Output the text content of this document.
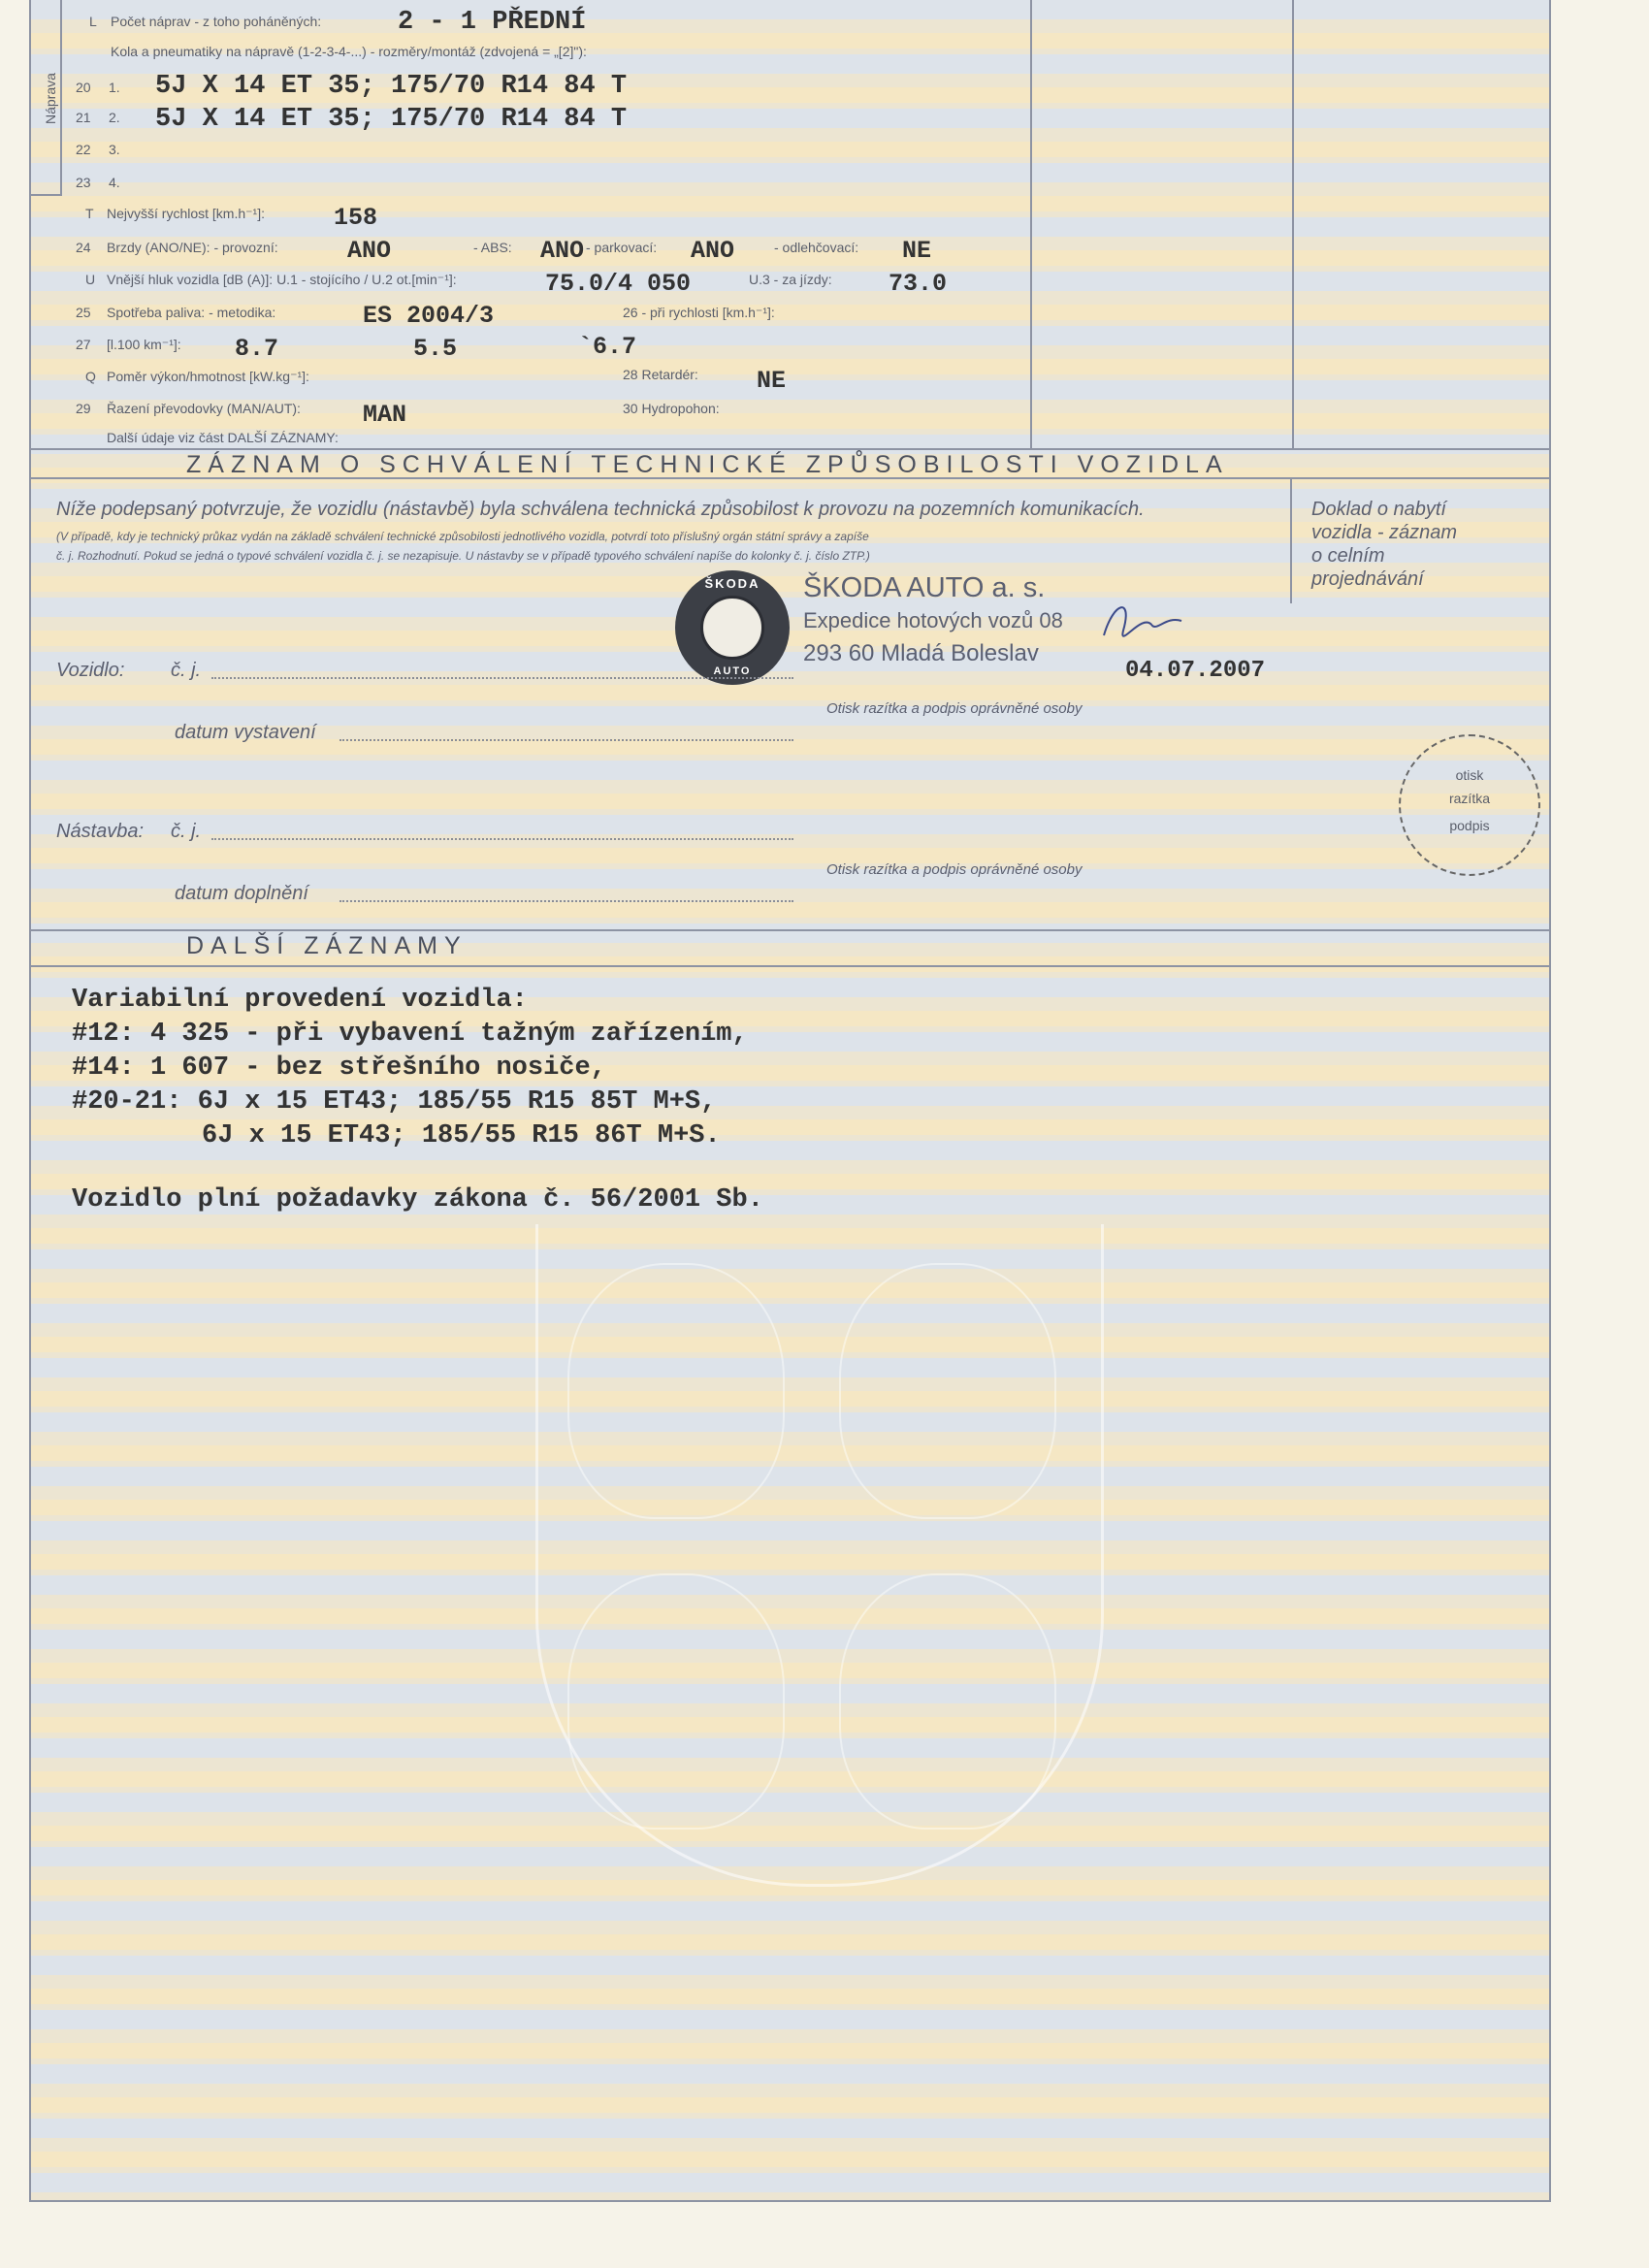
Náprava
L Počet náprav - z toho poháněných:	2 - 1 PŘEDNÍ
Kola a pneumatiky na nápravě (1-2-3-4-...) - rozměry/montáž (zdvojená = „[2]"):
20 1. 5J X 14 ET 35; 175/70 R14 84 T
21 2. 5J X 14 ET 35; 175/70 R14 84 T
22 3.
23 4.
T Nejvyšší rychlost [km.h⁻¹]:	158
24 Brzdy (ANO/NE): - provozní:	ANO	- ABS: ANO - parkovací: ANO	- odlehčovací: NE
U Vnější hluk vozidla [dB (A)]: U.1 - stojícího / U.2 ot.[min⁻¹]:	75.0/4 050	U.3 - za jízdy: 73.0
25 Spotřeba paliva: - metodika:	ES 2004/3	26 - při rychlosti [km.h⁻¹]:
27 [l.100 km⁻¹]: 8.7	5.5	`6.7
Q Poměr výkon/hmotnost [kW.kg⁻¹]:	28 Retardér: NE
29 Řazení převodovky (MAN/AUT):	MAN	30 Hydropohon:
Další údaje viz část DALŠÍ ZÁZNAMY:
ZÁZNAM O SCHVÁLENÍ TECHNICKÉ ZPŮSOBILOSTI VOZIDLA
Níže podepsaný potvrzuje, že vozidlu (nástavbě) byla schválena technická způsobilost k provozu na pozemních komunikacích.
(V případě, kdy je technický průkaz vydán na základě schválení technické způsobilosti jednotlivého vozidla, potvrdí toto příslušný orgán státní správy a zapíše
č. j. Rozhodnutí. Pokud se jedná o typové schválení vozidla č. j. se nezapisuje. U nástavby se v případě typového schválení napíše do kolonky č. j. číslo ZTP.)
Doklad o nabytí
vozidla - záznam
o celním
projednávání
ŠKODA
AUTO
ŠKODA AUTO a. s.
Expedice hotových vozů 08
293 60 Mladá Boleslav
04.07.2007
Vozidlo: č. j.
datum vystavení
Otisk razítka a podpis oprávněné osoby
Nástavba: č. j.
datum doplnění
Otisk razítka a podpis oprávněné osoby
otisk
razítka
podpis
DALŠÍ ZÁZNAMY
Variabilní provedení vozidla:
#12: 4 325 - při vybavení tažným zařízením,
#14: 1 607 - bez střešního nosiče,
#20-21: 6J x 15 ET43; 185/55 R15 85T M+S,
6J x 15 ET43; 185/55 R15 86T M+S.
Vozidlo plní požadavky zákona č. 56/2001 Sb.
